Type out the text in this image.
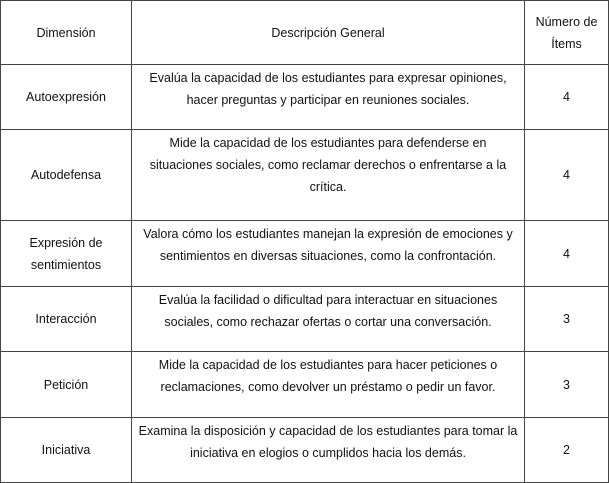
Dimensión	Descripción General	Número de Ítems
Autoexpresión	Evalúa la capacidad de los estudiantes para expresar opiniones, hacer preguntas y participar en reuniones sociales.	4
Autodefensa	Mide la capacidad de los estudiantes para defenderse en situaciones sociales, como reclamar derechos o enfrentarse a la crítica.	4
Expresión de sentimientos	Valora cómo los estudiantes manejan la expresión de emociones y sentimientos en diversas situaciones, como la confrontación.	4
Interacción	Evalúa la facilidad o dificultad para interactuar en situaciones sociales, como rechazar ofertas o cortar una conversación.	3
Petición	Mide la capacidad de los estudiantes para hacer peticiones o reclamaciones, como devolver un préstamo o pedir un favor.	3
Iniciativa	Examina la disposición y capacidad de los estudiantes para tomar la iniciativa en elogios o cumplidos hacia los demás.	2
